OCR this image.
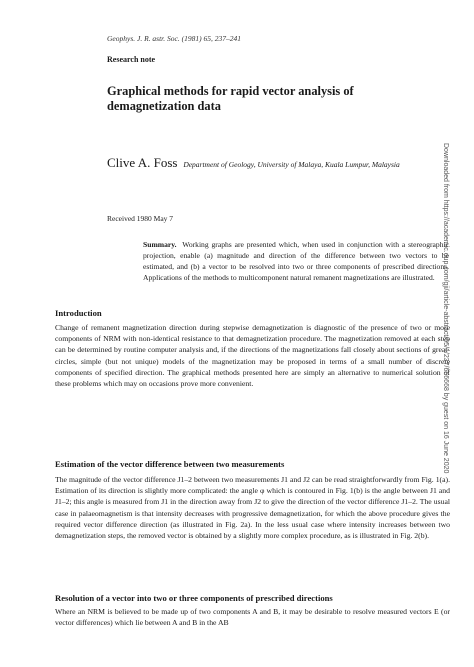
Geophys. J. R. astr. Soc. (1981) 65, 237–241
Research note
Graphical methods for rapid vector analysis of demagnetization data
Clive A. Foss Department of Geology, University of Malaya, Kuala Lumpur, Malaysia
Received 1980 May 7
Summary. Working graphs are presented which, when used in conjunction with a stereographic projection, enable (a) magnitude and direction of the difference between two vectors to be estimated, and (b) a vector to be resolved into two or three components of prescribed directions. Applications of the methods to multicomponent natural remanent magnetizations are illustrated.
Introduction
Change of remanent magnetization direction during stepwise demagnetization is diagnostic of the presence of two or more components of NRM with non-identical resistance to that demagnetization procedure. The magnetization removed at each step can be determined by routine computer analysis and, if the directions of the magnetizations fall closely about sections of great-circles, simple (but not unique) models of the magnetization may be proposed in terms of a small number of discrete components of specified direction. The graphical methods presented here are simply an alternative to numerical solution of these problems which may on occasions prove more convenient.
Estimation of the vector difference between two measurements
The magnitude of the vector difference J1–2 between two measurements J1 and J2 can be read straightforwardly from Fig. 1(a). Estimation of its direction is slightly more complicated: the angle φ which is contoured in Fig. 1(b) is the angle between J1 and J1–2; this angle is measured from J1 in the direction away from J2 to give the direction of the vector difference J1–2. The usual case in palaeomagnetism is that intensity decreases with progressive demagnetization, for which the above procedure gives the required vector difference direction (as illustrated in Fig. 2a). In the less usual case where intensity increases between two demagnetization steps, the removed vector is obtained by a slightly more complex procedure, as is illustrated in Fig. 2(b).
Resolution of a vector into two or three components of prescribed directions
Where an NRM is believed to be made up of two components A and B, it may be desirable to resolve measured vectors E (or vector differences) which lie between A and B in the AB
Downloaded from https://academic.oup.com/gji/article-abstract/65/1/237/666668 by guest on 16 June 2020
